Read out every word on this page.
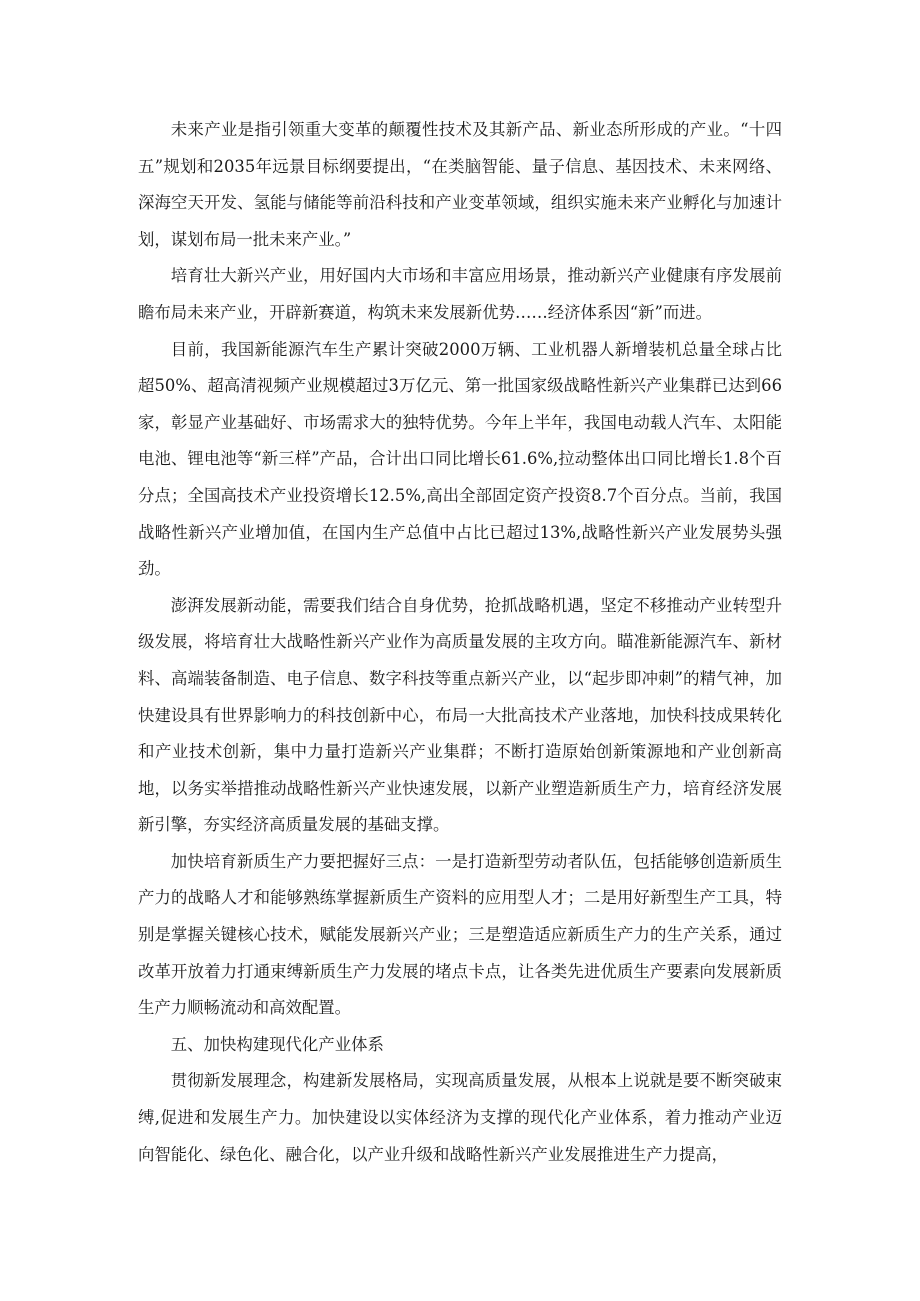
未来产业是指引领重大变革的颠覆性技术及其新产品、新业态所形成的产业。“十四五”规划和2035年远景目标纲要提出，“在类脑智能、量子信息、基因技术、未来网络、深海空天开发、氢能与储能等前沿科技和产业变革领域，组织实施未来产业孵化与加速计划，谋划布局一批未来产业。”

培育壮大新兴产业，用好国内大市场和丰富应用场景，推动新兴产业健康有序发展前瞻布局未来产业，开辟新赛道，构筑未来发展新优势……经济体系因“新”而进。

目前，我国新能源汽车生产累计突破2000万辆、工业机器人新增装机总量全球占比超50%、超高清视频产业规模超过3万亿元、第一批国家级战略性新兴产业集群已达到66家，彰显产业基础好、市场需求大的独特优势。今年上半年，我国电动载人汽车、太阳能电池、锂电池等“新三样”产品，合计出口同比增长61.6%,拉动整体出口同比增长1.8个百分点；全国高技术产业投资增长12.5%,高出全部固定资产投资8.7个百分点。当前，我国战略性新兴产业增加值，在国内生产总值中占比已超过13%,战略性新兴产业发展势头强劲。

澎湃发展新动能，需要我们结合自身优势，抢抓战略机遇，坚定不移推动产业转型升级发展，将培育壮大战略性新兴产业作为高质量发展的主攻方向。瞄准新能源汽车、新材料、高端装备制造、电子信息、数字科技等重点新兴产业，以“起步即冲刺”的精气神，加快建设具有世界影响力的科技创新中心，布局一大批高技术产业落地，加快科技成果转化和产业技术创新，集中力量打造新兴产业集群；不断打造原始创新策源地和产业创新高地，以务实举措推动战略性新兴产业快速发展，以新产业塑造新质生产力，培育经济发展新引擎，夯实经济高质量发展的基础支撑。

加快培育新质生产力要把握好三点：一是打造新型劳动者队伍，包括能够创造新质生产力的战略人才和能够熟练掌握新质生产资料的应用型人才；二是用好新型生产工具，特别是掌握关键核心技术，赋能发展新兴产业；三是塑造适应新质生产力的生产关系，通过改革开放着力打通束缚新质生产力发展的堵点卡点，让各类先进优质生产要素向发展新质生产力顺畅流动和高效配置。

五、加快构建现代化产业体系

贯彻新发展理念，构建新发展格局，实现高质量发展，从根本上说就是要不断突破束缚,促进和发展生产力。加快建设以实体经济为支撑的现代化产业体系，着力推动产业迈向智能化、绿色化、融合化，以产业升级和战略性新兴产业发展推进生产力提高，
